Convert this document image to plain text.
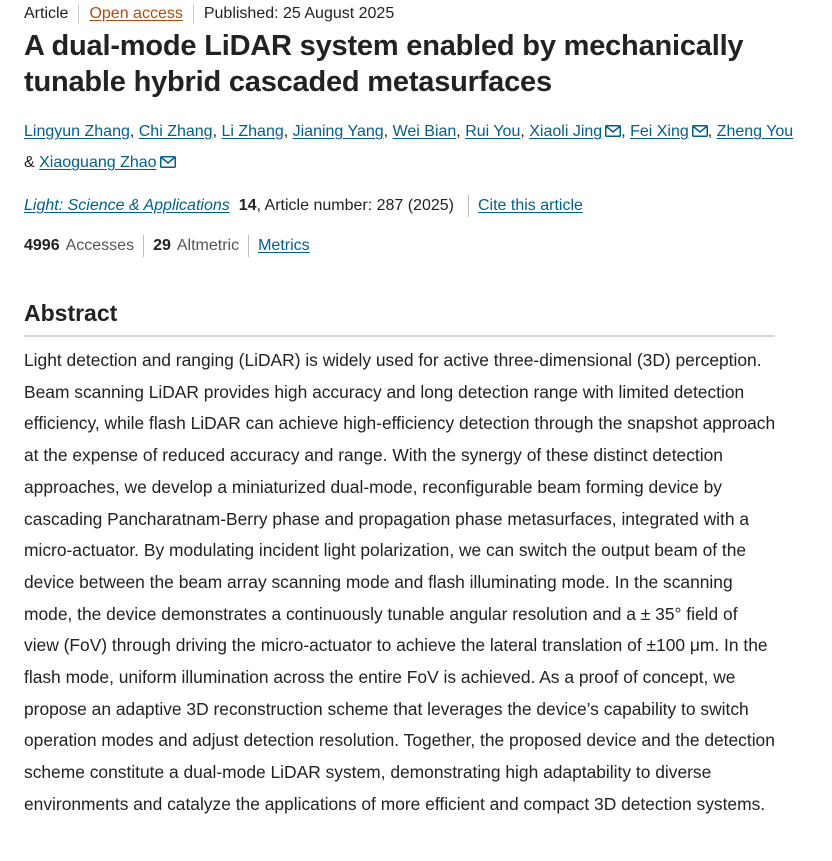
Article Open access Published: 25 August 2025
A dual-mode LiDAR system enabled by mechanically tunable hybrid cascaded metasurfaces
Lingyun Zhang, Chi Zhang, Li Zhang, Jianing Yang, Wei Bian, Rui You, Xiaoli Jing , Fei Xing , Zheng You
& Xiaoguang Zhao
Light: Science & Applications 14 , Article number: 287 (2025) Cite this article
4996 Accesses 29 Altmetric Metrics
Abstract

Light detection and ranging (LiDAR) is widely used for active three-dimensional (3D) perception. Beam scanning LiDAR provides high accuracy and long detection range with limited detection efficiency, while flash LiDAR can achieve high-efficiency detection through the snapshot approach at the expense of reduced accuracy and range. With the synergy of these distinct detection approaches, we develop a miniaturized dual-mode, reconfigurable beam forming device by cascading Pancharatnam-Berry phase and propagation phase metasurfaces, integrated with a micro-actuator. By modulating incident light polarization, we can switch the output beam of the device between the beam array scanning mode and flash illuminating mode. In the scanning mode, the device demonstrates a continuously tunable angular resolution and a ± 35° field of view (FoV) through driving the micro-actuator to achieve the lateral translation of ±100 μm. In the flash mode, uniform illumination across the entire FoV is achieved. As a proof of concept, we propose an adaptive 3D reconstruction scheme that leverages the device’s capability to switch operation modes and adjust detection resolution. Together, the proposed device and the detection scheme constitute a dual-mode LiDAR system, demonstrating high adaptability to diverse environments and catalyze the applications of more efficient and compact 3D detection systems.
